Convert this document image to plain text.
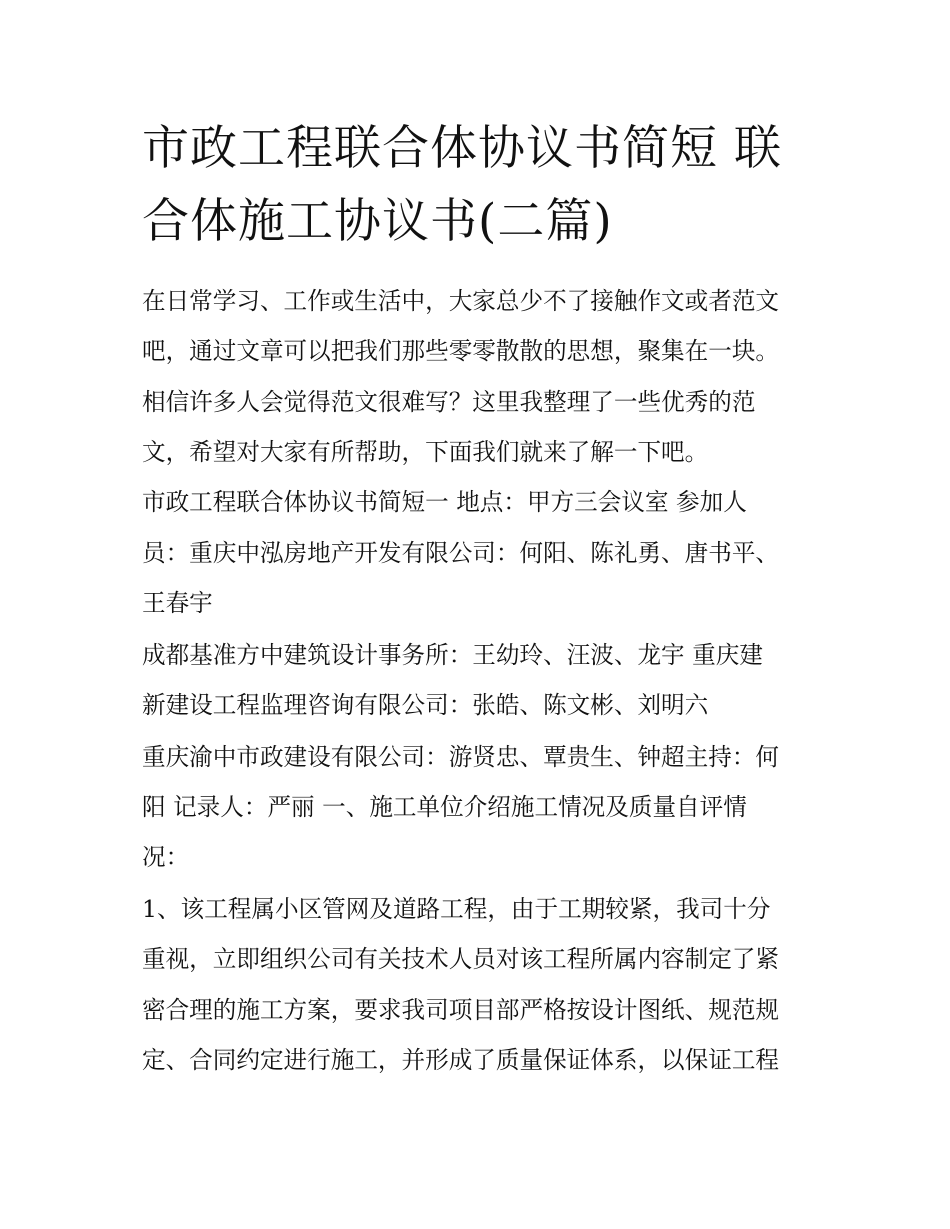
市政工程联合体协议书简短 联合体施工协议书(二篇)

在日常学习、工作或生活中，大家总少不了接触作文或者范文

吧，通过文章可以把我们那些零零散散的思想，聚集在一块。

相信许多人会觉得范文很难写？这里我整理了一些优秀的范

文，希望对大家有所帮助，下面我们就来了解一下吧。

市政工程联合体协议书简短一 地点：甲方三会议室 参加人

员：重庆中泓房地产开发有限公司：何阳、陈礼勇、唐书平、

王春宇

成都基准方中建筑设计事务所：王幼玲、汪波、龙宇 重庆建

新建设工程监理咨询有限公司：张皓、陈文彬、刘明六

重庆渝中市政建设有限公司：游贤忠、覃贵生、钟超主持：何

阳 记录人：严丽 一、施工单位介绍施工情况及质量自评情

况：

1、该工程属小区管网及道路工程，由于工期较紧，我司十分

重视，立即组织公司有关技术人员对该工程所属内容制定了紧

密合理的施工方案，要求我司项目部严格按设计图纸、规范规

定、合同约定进行施工，并形成了质量保证体系，以保证工程
